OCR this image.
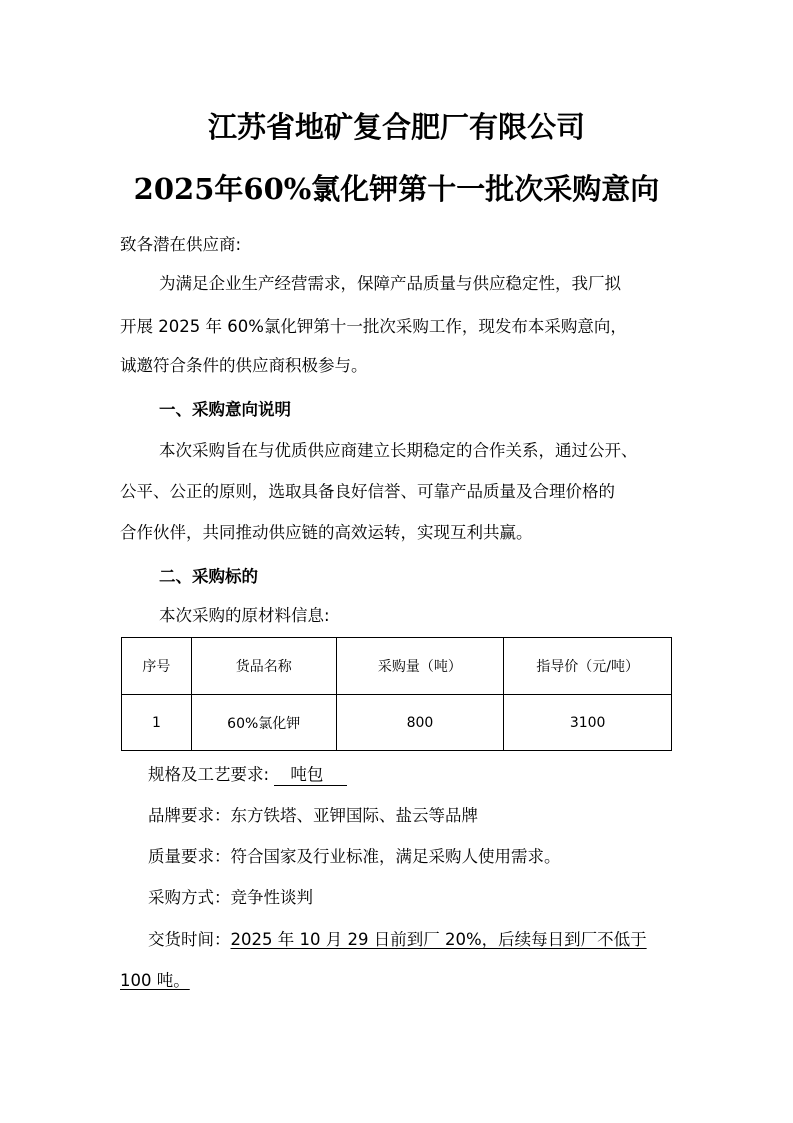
江苏省地矿复合肥厂有限公司
2025年60%氯化钾第十一批次采购意向
致各潜在供应商:
为满足企业生产经营需求，保障产品质量与供应稳定性，我厂拟
开展 2025 年 60%氯化钾第十一批次采购工作，现发布本采购意向，
诚邀符合条件的供应商积极参与。
一、采购意向说明
本次采购旨在与优质供应商建立长期稳定的合作关系，通过公开、
公平、公正的原则，选取具备良好信誉、可靠产品质量及合理价格的
合作伙伴，共同推动供应链的高效运转，实现互利共赢。
二、采购标的
本次采购的原材料信息:
序号	货品名称	采购量（吨）	指导价（元/吨）
1	60%氯化钾	800	3100
规格及工艺要求: 吨包
品牌要求：东方铁塔、亚钾国际、盐云等品牌
质量要求：符合国家及行业标准，满足采购人使用需求。
采购方式：竞争性谈判
交货时间：2025 年 10 月 29 日前到厂 20%，后续每日到厂不低于
100 吨。
